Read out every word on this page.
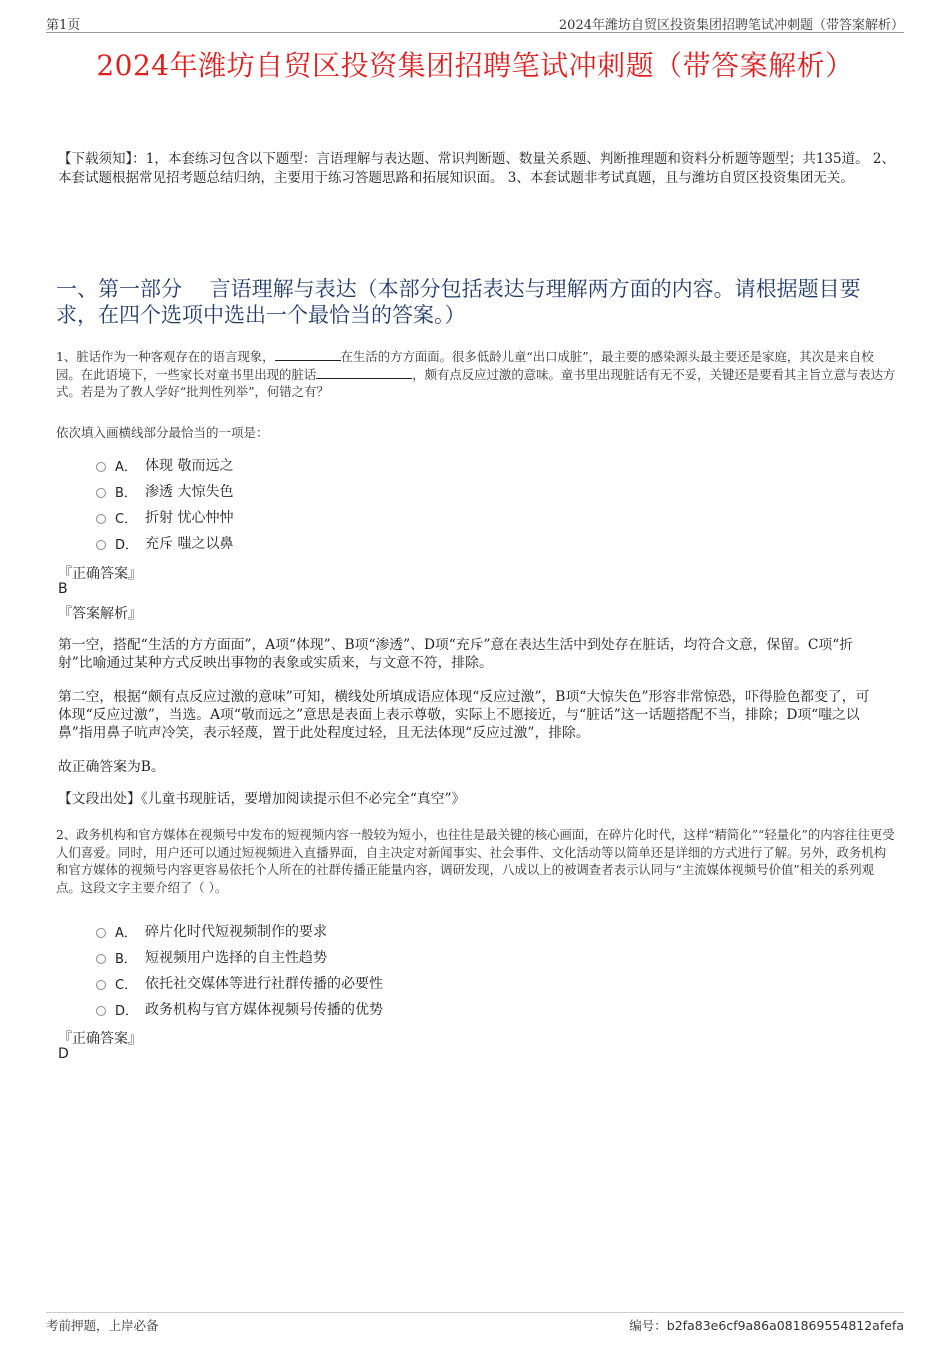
第1页	2024年潍坊自贸区投资集团招聘笔试冲刺题（带答案解析）
2024年潍坊自贸区投资集团招聘笔试冲刺题（带答案解析）
【下载须知】：1，本套练习包含以下题型：言语理解与表达题、常识判断题、数量关系题、判断推理题和资料分析题等题型；共135道。 2、本套试题根据常见招考题总结归纳，主要用于练习答题思路和拓展知识面。 3、本套试题非考试真题，且与潍坊自贸区投资集团无关。
一、第一部分　 言语理解与表达（本部分包括表达与理解两方面的内容。请根据题目要求，在四个选项中选出一个最恰当的答案。）
1、脏话作为一种客观存在的语言现象，	在生活的方方面面。很多低龄儿童“出口成脏”，最主要的感染源头最主要还是家庭，其次是来自校园。在此语境下，一些家长对童书里出现的脏话	，颇有点反应过激的意味。童书里出现脏话有无不妥，关键还是要看其主旨立意与表达方式。若是为了教人学好“批判性列举”，何错之有？
依次填入画横线部分最恰当的一项是：
A． 体现 敬而远之
B． 渗透 大惊失色
C． 折射 忧心忡忡
D． 充斥 嗤之以鼻
『正确答案』
B
『答案解析』
第一空，搭配“生活的方方面面”，A项“体现”、B项“渗透”、D项“充斥”意在表达生活中到处存在脏话，均符合文意，保留。C项“折射”比喻通过某种方式反映出事物的表象或实质来，与文意不符，排除。
第二空，根据“颇有点反应过激的意味”可知，横线处所填成语应体现“反应过激”，B项“大惊失色”形容非常惊恐，吓得脸色都变了，可体现“反应过激”，当选。A项“敬而远之”意思是表面上表示尊敬，实际上不愿接近，与“脏话”这一话题搭配不当，排除；D项“嗤之以鼻”指用鼻子吭声冷笑，表示轻蔑，置于此处程度过轻，且无法体现“反应过激”，排除。
故正确答案为B。
【文段出处】《儿童书现脏话，要增加阅读提示但不必完全“真空”》
2、政务机构和官方媒体在视频号中发布的短视频内容一般较为短小，也往往是最关键的核心画面，在碎片化时代，这样“精简化”“轻量化”的内容往往更受人们喜爱。同时，用户还可以通过短视频进入直播界面，自主决定对新闻事实、社会事件、文化活动等以简单还是详细的方式进行了解。另外，政务机构和官方媒体的视频号内容更容易依托个人所在的社群传播正能量内容，调研发现，八成以上的被调查者表示认同与“主流媒体视频号价值”相关的系列观点。这段文字主要介绍了（ ）。
A． 碎片化时代短视频制作的要求
B． 短视频用户选择的自主性趋势
C． 依托社交媒体等进行社群传播的必要性
D． 政务机构与官方媒体视频号传播的优势
『正确答案』
D
考前押题，上岸必备	编号：b2fa83e6cf9a86a081869554812afefa
